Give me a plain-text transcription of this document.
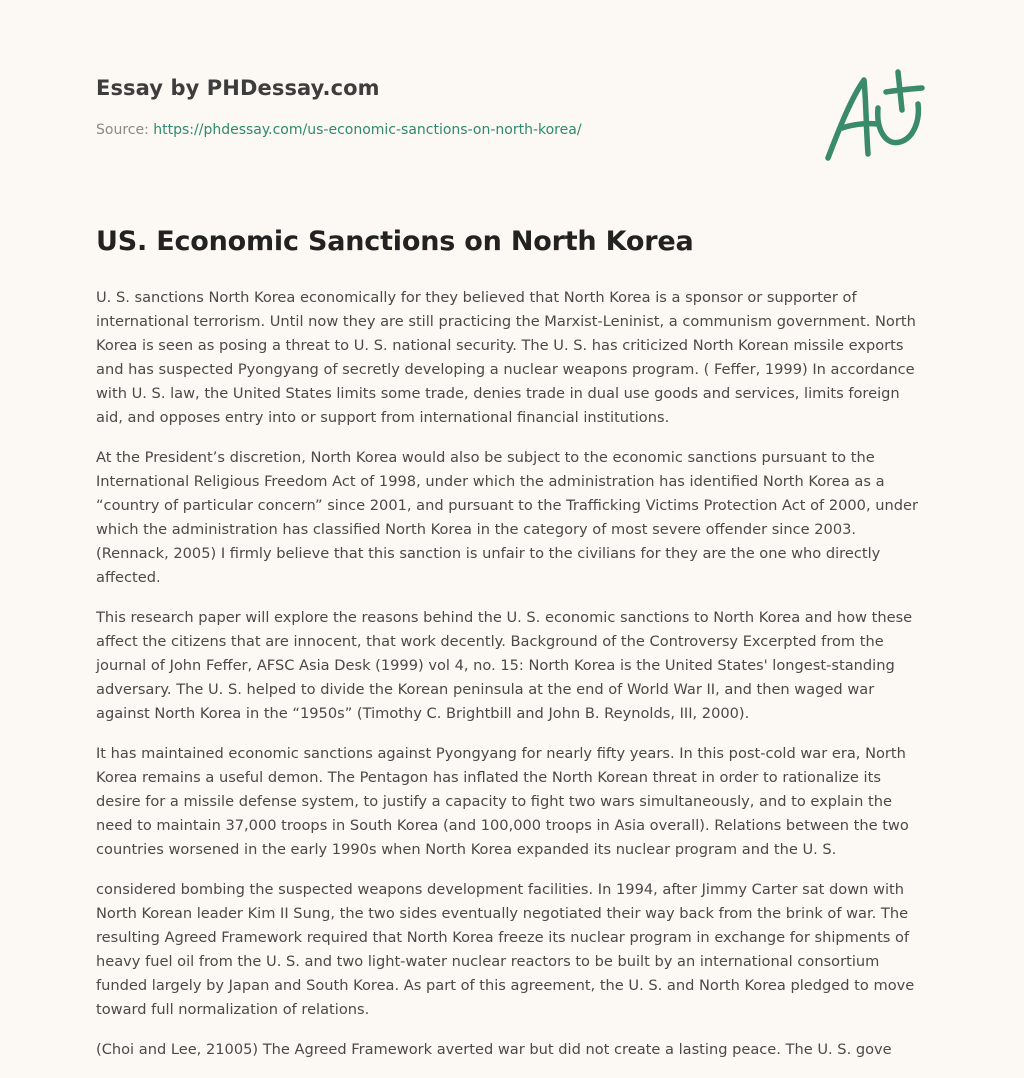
Essay by PHDessay.com
Source: https://phdessay.com/us-economic-sanctions-on-north-korea/
US. Economic Sanctions on North Korea

U. S. sanctions North Korea economically for they believed that North Korea is a sponsor or supporter of international terrorism. Until now they are still practicing the Marxist-Leninist, a communism government. North Korea is seen as posing a threat to U. S. national security. The U. S. has criticized North Korean missile exports and has suspected Pyongyang of secretly developing a nuclear weapons program. ( Feffer, 1999) In accordance with U. S. law, the United States limits some trade, denies trade in dual use goods and services, limits foreign aid, and opposes entry into or support from international financial institutions.

At the President’s discretion, North Korea would also be subject to the economic sanctions pursuant to the International Religious Freedom Act of 1998, under which the administration has identified North Korea as a “country of particular concern” since 2001, and pursuant to the Trafficking Victims Protection Act of 2000, under which the administration has classified North Korea in the category of most severe offender since 2003. (Rennack, 2005) I firmly believe that this sanction is unfair to the civilians for they are the one who directly affected.

This research paper will explore the reasons behind the U. S. economic sanctions to North Korea and how these affect the citizens that are innocent, that work decently. Background of the Controversy Excerpted from the journal of John Feffer, AFSC Asia Desk (1999) vol 4, no. 15: North Korea is the United States' longest-standing adversary. The U. S. helped to divide the Korean peninsula at the end of World War II, and then waged war against North Korea in the “1950s” (Timothy C. Brightbill and John B. Reynolds, III, 2000).

It has maintained economic sanctions against Pyongyang for nearly fifty years. In this post-cold war era, North Korea remains a useful demon. The Pentagon has inflated the North Korean threat in order to rationalize its desire for a missile defense system, to justify a capacity to fight two wars simultaneously, and to explain the need to maintain 37,000 troops in South Korea (and 100,000 troops in Asia overall). Relations between the two countries worsened in the early 1990s when North Korea expanded its nuclear program and the U. S.

considered bombing the suspected weapons development facilities. In 1994, after Jimmy Carter sat down with North Korean leader Kim II Sung, the two sides eventually negotiated their way back from the brink of war. The resulting Agreed Framework required that North Korea freeze its nuclear program in exchange for shipments of heavy fuel oil from the U. S. and two light-water nuclear reactors to be built by an international consortium funded largely by Japan and South Korea. As part of this agreement, the U. S. and North Korea pledged to move toward full normalization of relations.

(Choi and Lee, 21005) The Agreed Framework averted war but did not create a lasting peace. The U. S. gove
